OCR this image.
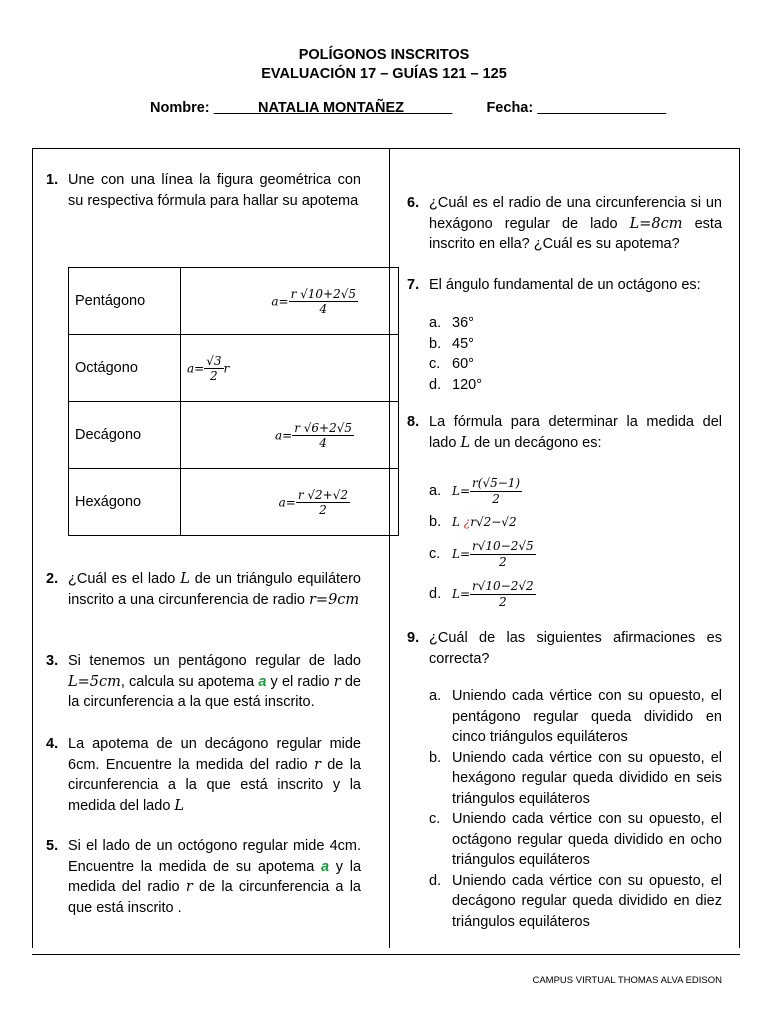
POLÍGONOS INSCRITOS
EVALUACIÓN 17 – GUÍAS 121 – 125
Nombre:	NATALIA MONTAÑEZ	Fecha:
1. Une con una línea la figura geométrica con su respectiva fórmula para hallar su apotema
Pentágono	$a= \frac{r √10+2√5}{4}$

Octágono	$a= \frac{√3}{2}$ r
Decágono	$a= \frac{r √6+2√5}{4}$

Hexágono	$a= \frac{r √2+√2}{2}$
2. ¿Cuál es el lado L de un triángulo equilátero inscrito a una circunferencia de radio r=9cm
3. Si tenemos un pentágono regular de lado L=5cm, calcula su apotema a y el radio r de la circunferencia a la que está inscrito.
4. La apotema de un decágono regular mide 6cm. Encuentre la medida del radio r de la circunferencia a la que está inscrito y la medida del lado L
5. Si el lado de un octógono regular mide 4cm. Encuentre la medida de su apotema a y la medida del radio r de la circunferencia a la que está inscrito .
6. ¿Cuál es el radio de una circunferencia si un hexágono regular de lado L=8cm esta inscrito en ella? ¿Cuál es su apotema?
7. El ángulo fundamental de un octágono es:
a. 36°
b. 45°
c. 60°
d. 120°
8. La fórmula para determinar la medida del lado L de un decágono es:
a. $L= \frac{r(√5-1)}{2}$
b. L ¿r√2−√2
c. $L= \frac{r√10-2√5}{2}$
d. $L= \frac{r√10-2√2}{2}$
9. ¿Cuál de las siguientes afirmaciones es correcta?
a. Uniendo cada vértice con su opuesto, el pentágono regular queda dividido en cinco triángulos equiláteros
b. Uniendo cada vértice con su opuesto, el hexágono regular queda dividido en seis triángulos equiláteros
c. Uniendo cada vértice con su opuesto, el octágono regular queda dividido en ocho triángulos equiláteros
d. Uniendo cada vértice con su opuesto, el decágono regular queda dividido en diez triángulos equiláteros
CAMPUS VIRTUAL THOMAS ALVA EDISON
